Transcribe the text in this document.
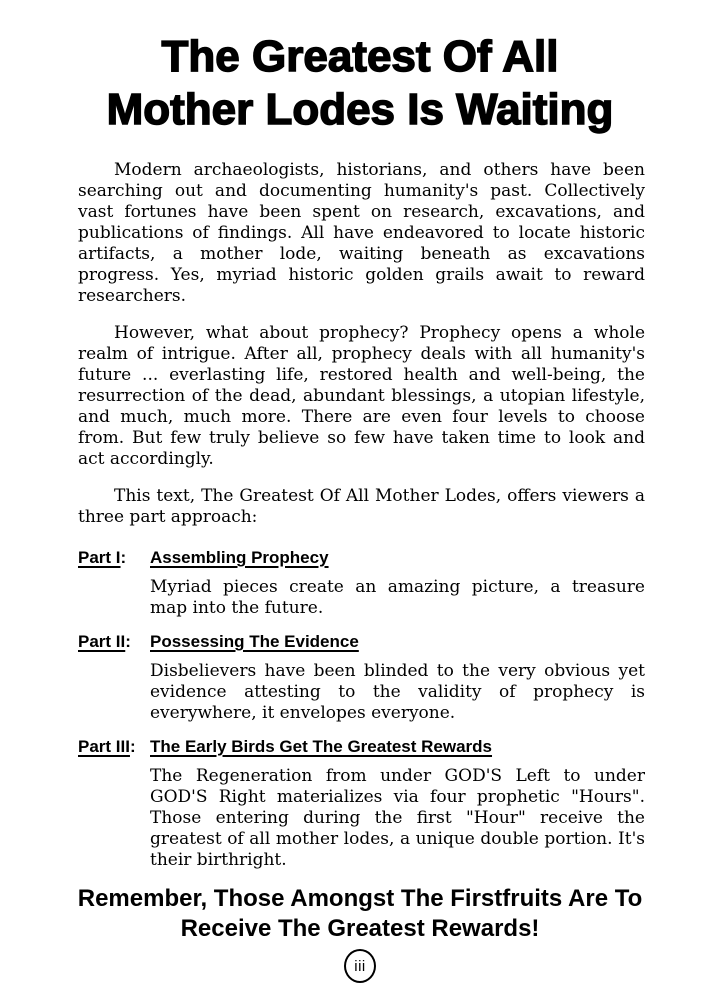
The Greatest Of All
Mother Lodes Is Waiting

Modern archaeologists, historians, and others have been searching out and documenting humanity's past. Collectively vast fortunes have been spent on research, excavations, and publications of findings. All have endeavored to locate historic artifacts, a mother lode, waiting beneath as excavations progress. Yes, myriad historic golden grails await to reward researchers.

However, what about prophecy? Prophecy opens a whole realm of intrigue. After all, prophecy deals with all humanity's future ... everlasting life, restored health and well-being, the resurrection of the dead, abundant blessings, a utopian lifestyle, and much, much more. There are even four levels to choose from. But few truly believe so few have taken time to look and act accordingly.

This text, The Greatest Of All Mother Lodes, offers viewers a three part approach:

Part I:	Assembling Prophecy

Myriad pieces create an amazing picture, a treasure map into the future.

Part II:	Possessing The Evidence

Disbelievers have been blinded to the very obvious yet evidence attesting to the validity of prophecy is everywhere, it envelopes everyone.

Part III: The Early Birds Get The Greatest Rewards

The Regeneration from under GOD'S Left to under GOD'S Right materializes via four prophetic "Hours". Those entering during the first "Hour" receive the greatest of all mother lodes, a unique double portion. It's their birthright.

Remember, Those Amongst The Firstfruits Are To
Receive The Greatest Rewards!
iii
